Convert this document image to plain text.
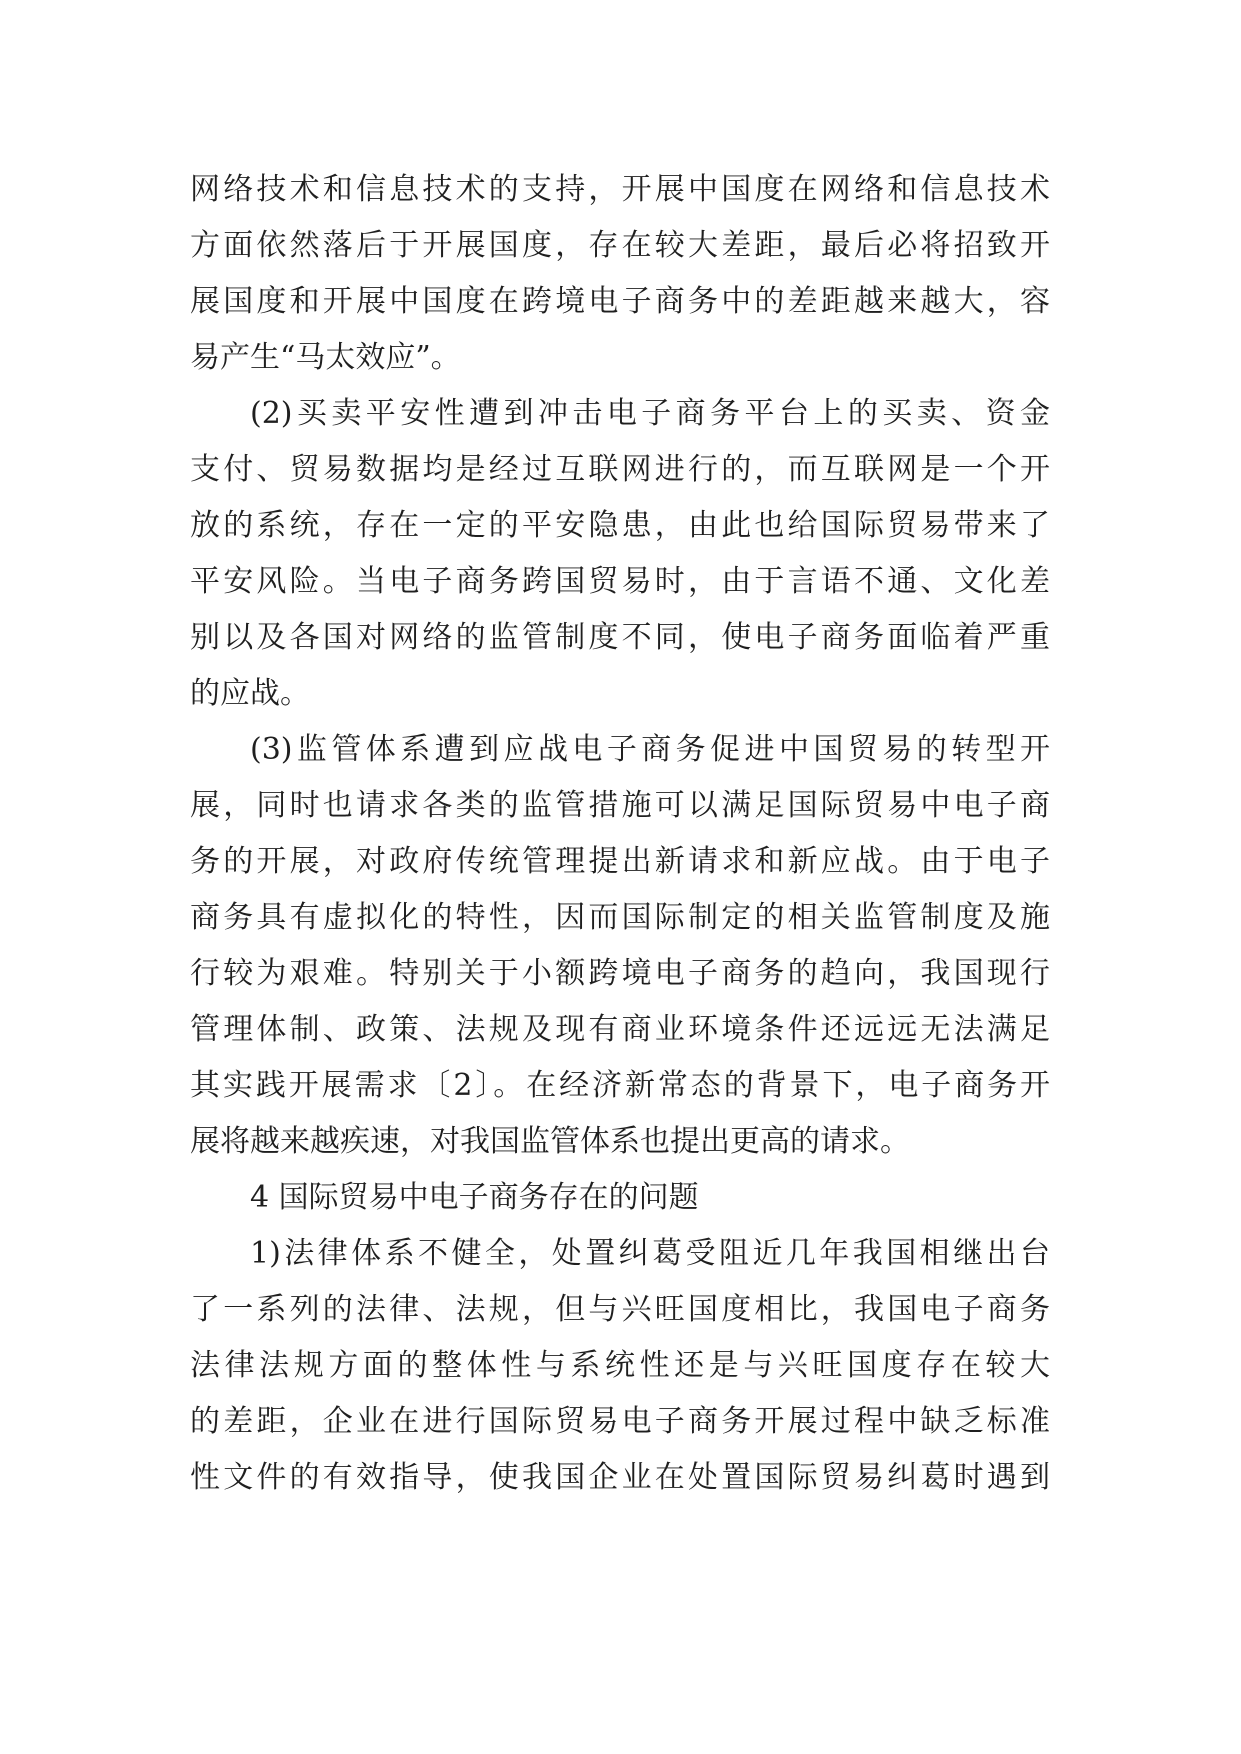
网络技术和信息技术的支持，开展中国度在网络和信息技术
方面依然落后于开展国度，存在较大差距，最后必将招致开
展国度和开展中国度在跨境电子商务中的差距越来越大，容
易产生“马太效应”。
(2)买卖平安性遭到冲击电子商务平台上的买卖、资金
支付、贸易数据均是经过互联网进行的，而互联网是一个开
放的系统，存在一定的平安隐患，由此也给国际贸易带来了
平安风险。当电子商务跨国贸易时，由于言语不通、文化差
别以及各国对网络的监管制度不同，使电子商务面临着严重
的应战。
(3)监管体系遭到应战电子商务促进中国贸易的转型开
展，同时也请求各类的监管措施可以满足国际贸易中电子商
务的开展，对政府传统管理提出新请求和新应战。由于电子
商务具有虚拟化的特性，因而国际制定的相关监管制度及施
行较为艰难。特别关于小额跨境电子商务的趋向，我国现行
管理体制、政策、法规及现有商业环境条件还远远无法满足
其实践开展需求〔2〕。在经济新常态的背景下，电子商务开
展将越来越疾速，对我国监管体系也提出更高的请求。
4 国际贸易中电子商务存在的问题
1)法律体系不健全，处置纠葛受阻近几年我国相继出台
了一系列的法律、法规，但与兴旺国度相比，我国电子商务
法律法规方面的整体性与系统性还是与兴旺国度存在较大
的差距，企业在进行国际贸易电子商务开展过程中缺乏标准
性文件的有效指导，使我国企业在处置国际贸易纠葛时遇到
